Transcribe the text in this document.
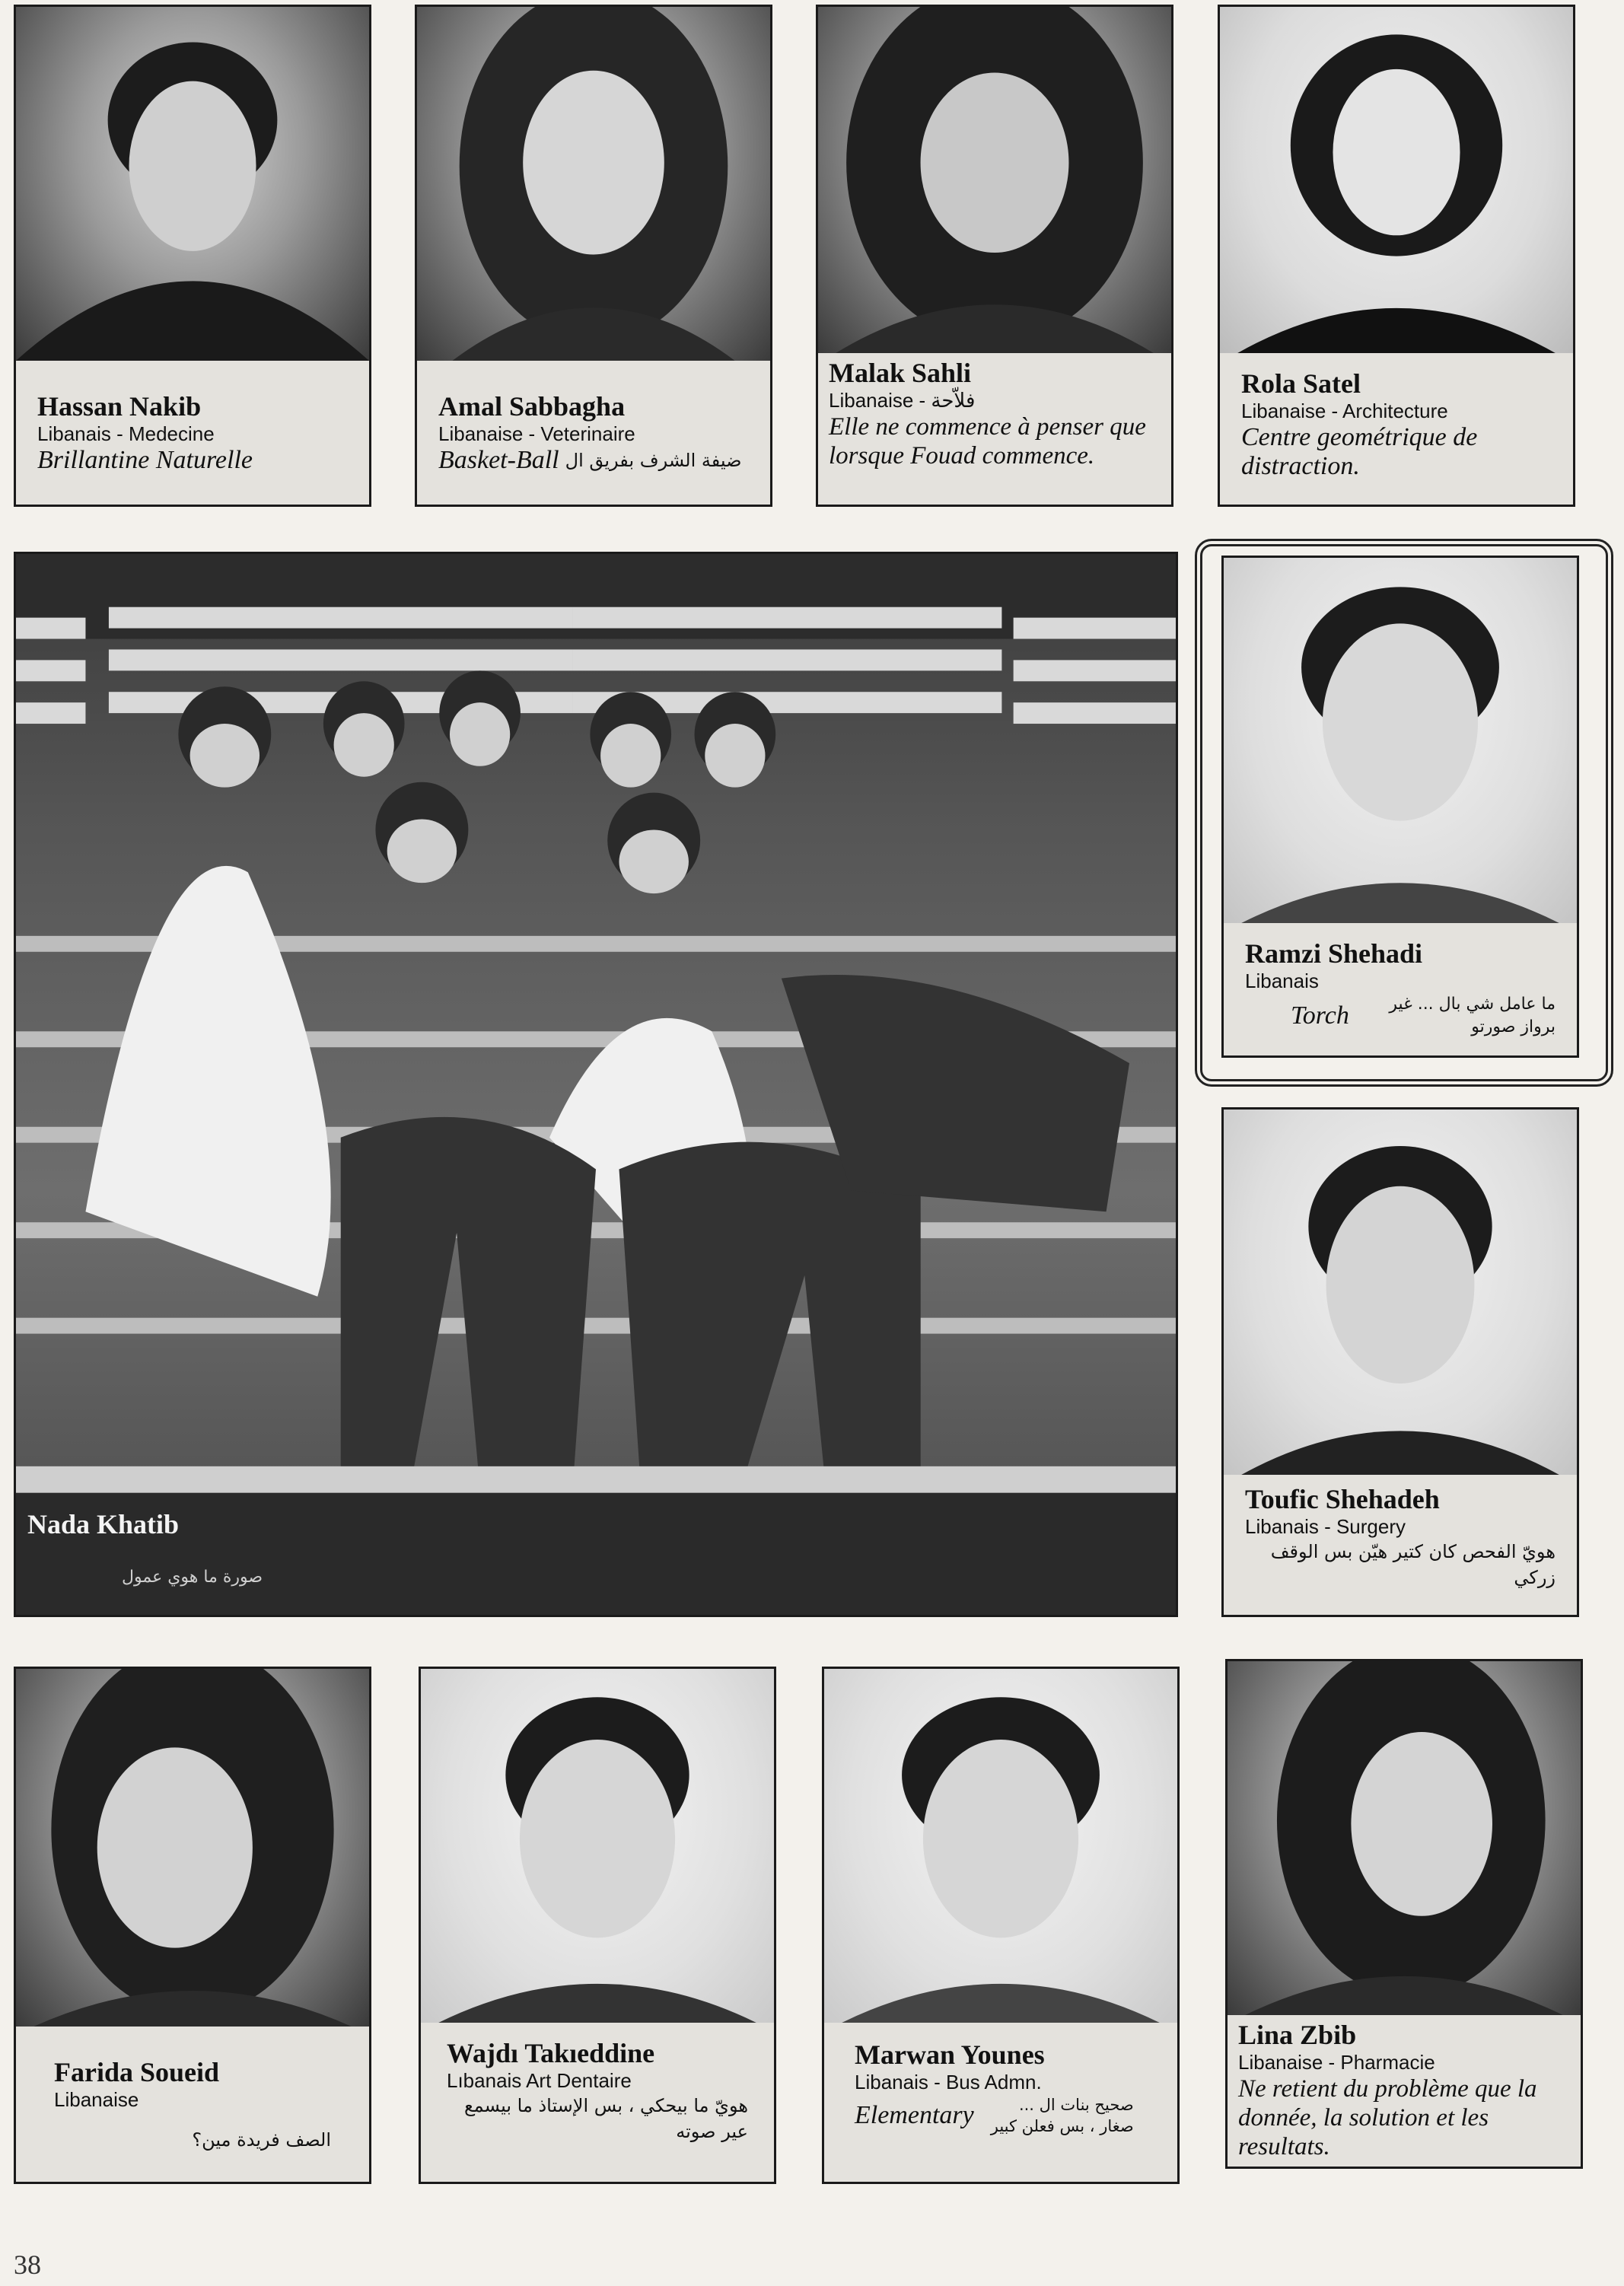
Hassan Nakib
Libanais - Medecine
Brillantine Naturelle
Amal Sabbagha
Libanaise - Veterinaire
Basket-Ball ضيفة الشرف بفريق ال
Malak Sahli
Libanaise - فلاّحة
Elle ne commence à penser que lorsque Fouad commence.
Rola Satel
Libanaise - Architecture
Centre geométrique de distraction.
Nada Khatib
صورة ما هوي عمول
Ramzi Shehadi
Libanais
Torch	ما عامل شي بال ... غير برواز صورتو
Toufic Shehadeh
Libanais - Surgery
هويّ الفحص كان كتير هيّن بس الوقف زركي
Farida Soueid
Libanaise
الصف فريدة مين؟
Wajdı Takıeddine
Lıbanais Art Dentaire
هويّ ما بيحكي ، بس الإستاذ ما بيسمع عير صوته
Marwan Younes
Libanais - Bus Admn.
Elementary	صحيح بنات ال ... صغار ، بس فعلن كبير
Lina Zbib
Libanaise - Pharmacie
Ne retient du problème que la donnée, la solution et les resultats.
38
